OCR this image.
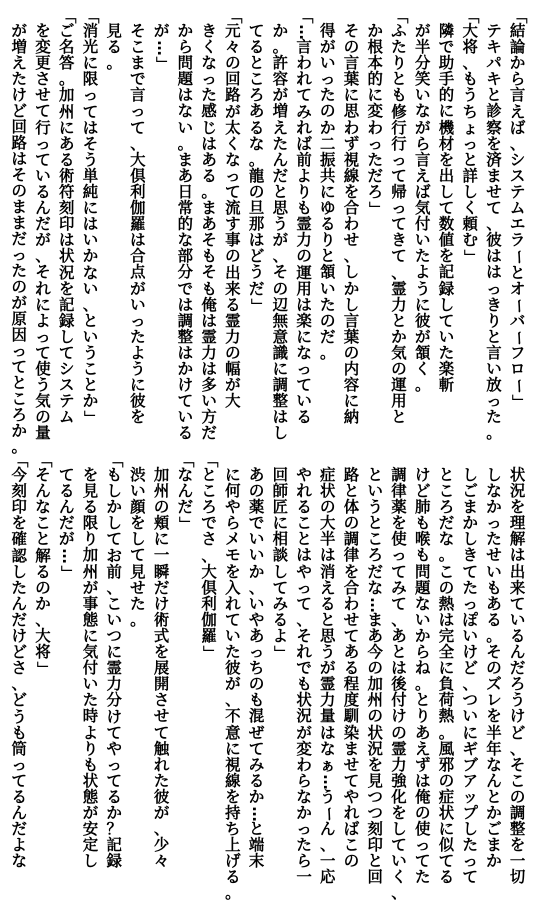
「
結
論
か
ら
言
え
ば
、
シ
ス
テ
ム
エ
ラ
ー
と
オ
ー
バ
ー
フ
ロ
ー
」
テ
キ
パ
キ
と
診
察
を
済
ま
せ
て
、
彼
は
は
っ
き
り
と
言
い
放
っ
た
。
「
大
将
、
も
う
ち
ょ
っ
と
詳
し
く
頼
む
」
隣
で
助
手
的
に
機
材
を
出
し
て
数
値
を
記
録
し
て
い
た
楽
斬
が
半
分
笑
い
な
が
ら
言
え
ば
気
付
い
た
よ
う
に
彼
が
頷
く
。
「
ふ
た
り
と
も
修
行
行
っ
て
帰
っ
て
き
て
、
霊
力
と
か
気
の
運
用
と
か
根
本
的
に
変
わ
っ
た
だ
ろ
」
そ
の
言
葉
に
思
わ
ず
視
線
を
合
わ
せ
、
し
か
し
言
葉
の
内
容
に
納
得
が
い
っ
た
の
か
二
振
共
に
ゆ
る
り
と
頷
い
た
の
だ
。
「
…
言
わ
れ
て
み
れ
ば
前
よ
り
も
霊
力
の
運
用
は
楽
に
な
っ
て
い
る
か
。
許
容
が
増
え
た
ん
だ
と
思
う
が
、
そ
の
辺
無
意
識
に
調
整
は
し
て
る
と
こ
ろ
あ
る
な
。
龍
の
旦
那
は
ど
う
だ
」
「
元
々
の
回
路
が
太
く
な
っ
て
流
す
事
の
出
来
る
霊
力
の
幅
が
大
き
く
な
っ
た
感
じ
は
あ
る
。
ま
あ
そ
も
そ
も
俺
は
霊
力
は
多
い
方
だ
か
ら
問
題
は
な
い
。
ま
あ
日
常
的
な
部
分
で
は
調
整
は
か
け
て
い
る
が
…
」
そ
こ
ま
で
言
っ
て
、
大
倶
利
伽
羅
は
合
点
が
い
っ
た
よ
う
に
彼
を
見
る
。
「
消
光
に
限
っ
て
は
そ
う
単
純
に
は
い
か
な
い
、
と
い
う
こ
と
か
」
「
ご
名
答
。
加
州
に
あ
る
術
符
刻
印
は
状
況
を
記
録
し
て
シ
ス
テ
ム
を
変
更
さ
せ
て
行
っ
て
い
る
ん
だ
が
、
そ
れ
に
よ
っ
て
使
う
気
の
量
が
増
え
た
け
ど
回
路
は
そ
の
ま
ま
だ
っ
た
の
が
原
因
っ
て
と
こ
ろ
か
。
状
況
を
理
解
は
出
来
て
い
る
ん
だ
ろ
う
け
ど
、
そ
こ
の
調
整
を
一
切
し
な
か
っ
た
せ
い
も
あ
る
。
そ
の
ズ
レ
を
半
年
な
ん
と
か
ご
ま
か
し
ご
ま
か
し
き
て
た
っ
ぽ
い
け
ど
、
つ
い
に
ギ
ブ
ア
ッ
プ
し
た
っ
て
と
こ
ろ
だ
な
。
こ
の
熱
は
完
全
に
負
荷
熱
。
風
邪
の
症
状
に
似
て
る
け
ど
肺
も
喉
も
問
題
な
い
か
ら
ね
。
と
り
あ
え
ず
は
俺
の
使
っ
て
た
調
律
薬
を
使
っ
て
み
て
、
あ
と
は
後
付
け
の
霊
力
強
化
を
し
て
い
く
、
と
い
う
と
こ
ろ
だ
な
…
ま
あ
今
の
加
州
の
状
況
を
見
つ
つ
刻
印
と
回
路
と
体
の
調
律
を
合
わ
せ
て
あ
る
程
度
馴
染
ま
せ
て
や
れ
ば
こ
の
症
状
の
大
半
は
消
え
る
と
思
う
が
霊
力
量
は
な
ぁ
…
う
ー
ん
、
一
応
や
れ
る
こ
と
は
や
っ
て
、
そ
れ
で
も
状
況
が
変
わ
ら
な
か
っ
た
ら
一
回
師
匠
に
相
談
し
て
み
る
よ
」
あ
の
薬
で
い
い
か
、
い
や
あ
っ
ち
の
も
混
ぜ
て
み
る
か
…
と
端
末
に
何
や
ら
メ
モ
を
入
れ
て
い
た
彼
が
、
不
意
に
視
線
を
持
ち
上
げ
る
。
「
と
こ
ろ
で
さ
、
大
倶
利
伽
羅
」
「
な
ん
だ
」
加
州
の
頬
に
一
瞬
だ
け
術
式
を
展
開
さ
せ
て
触
れ
た
彼
が
、
少
々
渋
い
顔
を
し
て
見
せ
た
。
「
も
し
か
し
て
お
前
、
こ
い
つ
に
霊
力
分
け
て
や
っ
て
る
か
？
記
録
を
見
る
限
り
加
州
が
事
態
に
気
付
い
た
時
よ
り
も
状
態
が
安
定
し
て
る
ん
だ
が
…
」
「
そ
ん
な
こ
と
解
る
の
か
、
大
将
」
「
今
刻
印
を
確
認
し
た
ん
だ
け
ど
さ
、
ど
う
も
筒
っ
て
る
ん
だ
よ
な
